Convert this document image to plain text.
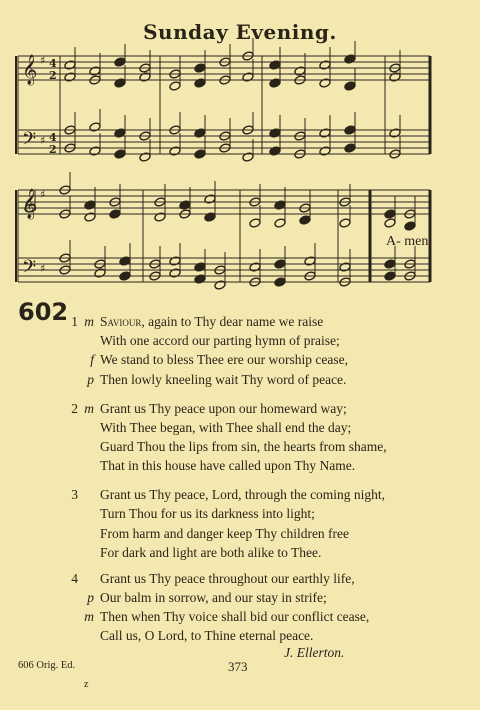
Sunday Evening.
𝄞
𝄢
♯
♯
𝄞
𝄢
♯
♯
4
4
2
2
A- men.
602 1 m Saviour, again to Thy dear name we raise
With one accord our parting hymn of praise;
f We stand to bless Thee ere our worship cease,
p Then lowly kneeling wait Thy word of peace.
2 m Grant us Thy peace upon our homeward way;
With Thee began, with Thee shall end the day;
Guard Thou the lips from sin, the hearts from shame,
That in this house have called upon Thy Name.
3 Grant us Thy peace, Lord, through the coming night,
Turn Thou for us its darkness into light;
From harm and danger keep Thy children free
For dark and light are both alike to Thee.
4 Grant us Thy peace throughout our earthly life,
p Our balm in sorrow, and our stay in strife;
m Then when Thy voice shall bid our conflict cease,
Call us, O Lord, to Thine eternal peace.
J. Ellerton.
606 Orig. Ed.	373
z
